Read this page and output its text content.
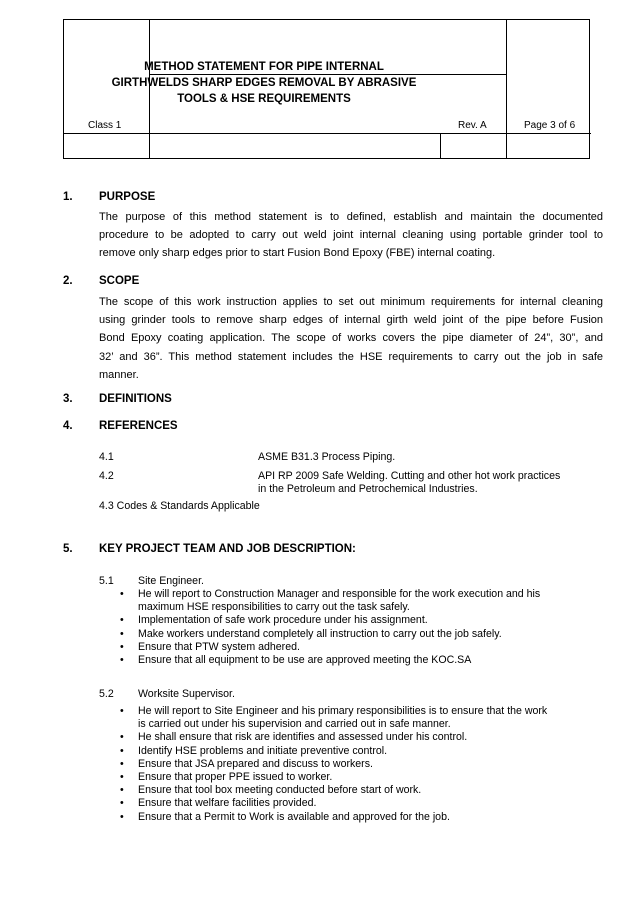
METHOD STATEMENT FOR PIPE INTERNAL
GIRTHWELDS SHARP EDGES REMOVAL BY ABRASIVE
TOOLS & HSE REQUIREMENTS
Class 1	Rev. A	Page 3 of 6
1. PURPOSE
The purpose of this method statement is to defined, establish and maintain the documented
procedure to be adopted to carry out weld joint internal cleaning using portable grinder tool to
remove only sharp edges prior to start Fusion Bond Epoxy (FBE) internal coating.
2. SCOPE
The scope of this work instruction applies to set out minimum requirements for internal cleaning
using grinder tools to remove sharp edges of internal girth weld joint of the pipe before Fusion
Bond Epoxy coating application. The scope of works covers the pipe diameter of 24”, 30”, and
32’ and 36”. This method statement includes the HSE requirements to carry out the job in safe
manner.
3. DEFINITIONS
4. REFERENCES
4.1	ASME B31.3 Process Piping.
4.2	API RP 2009 Safe Welding. Cutting and other hot work practices
in the Petroleum and Petrochemical Industries.
4.3 Codes & Standards Applicable
5. KEY PROJECT TEAM AND JOB DESCRIPTION:
5.1 Site Engineer.
• He will report to Construction Manager and responsible for the work execution and his
maximum HSE responsibilities to carry out the task safely.
• Implementation of safe work procedure under his assignment.
• Make workers understand completely all instruction to carry out the job safely.
• Ensure that PTW system adhered.
• Ensure that all equipment to be use are approved meeting the KOC.SA
5.2 Worksite Supervisor.
• He will report to Site Engineer and his primary responsibilities is to ensure that the work
is carried out under his supervision and carried out in safe manner.
• He shall ensure that risk are identifies and assessed under his control.
• Identify HSE problems and initiate preventive control.
• Ensure that JSA prepared and discuss to workers.
• Ensure that proper PPE issued to worker.
• Ensure that tool box meeting conducted before start of work.
• Ensure that welfare facilities provided.
• Ensure that a Permit to Work is available and approved for the job.
